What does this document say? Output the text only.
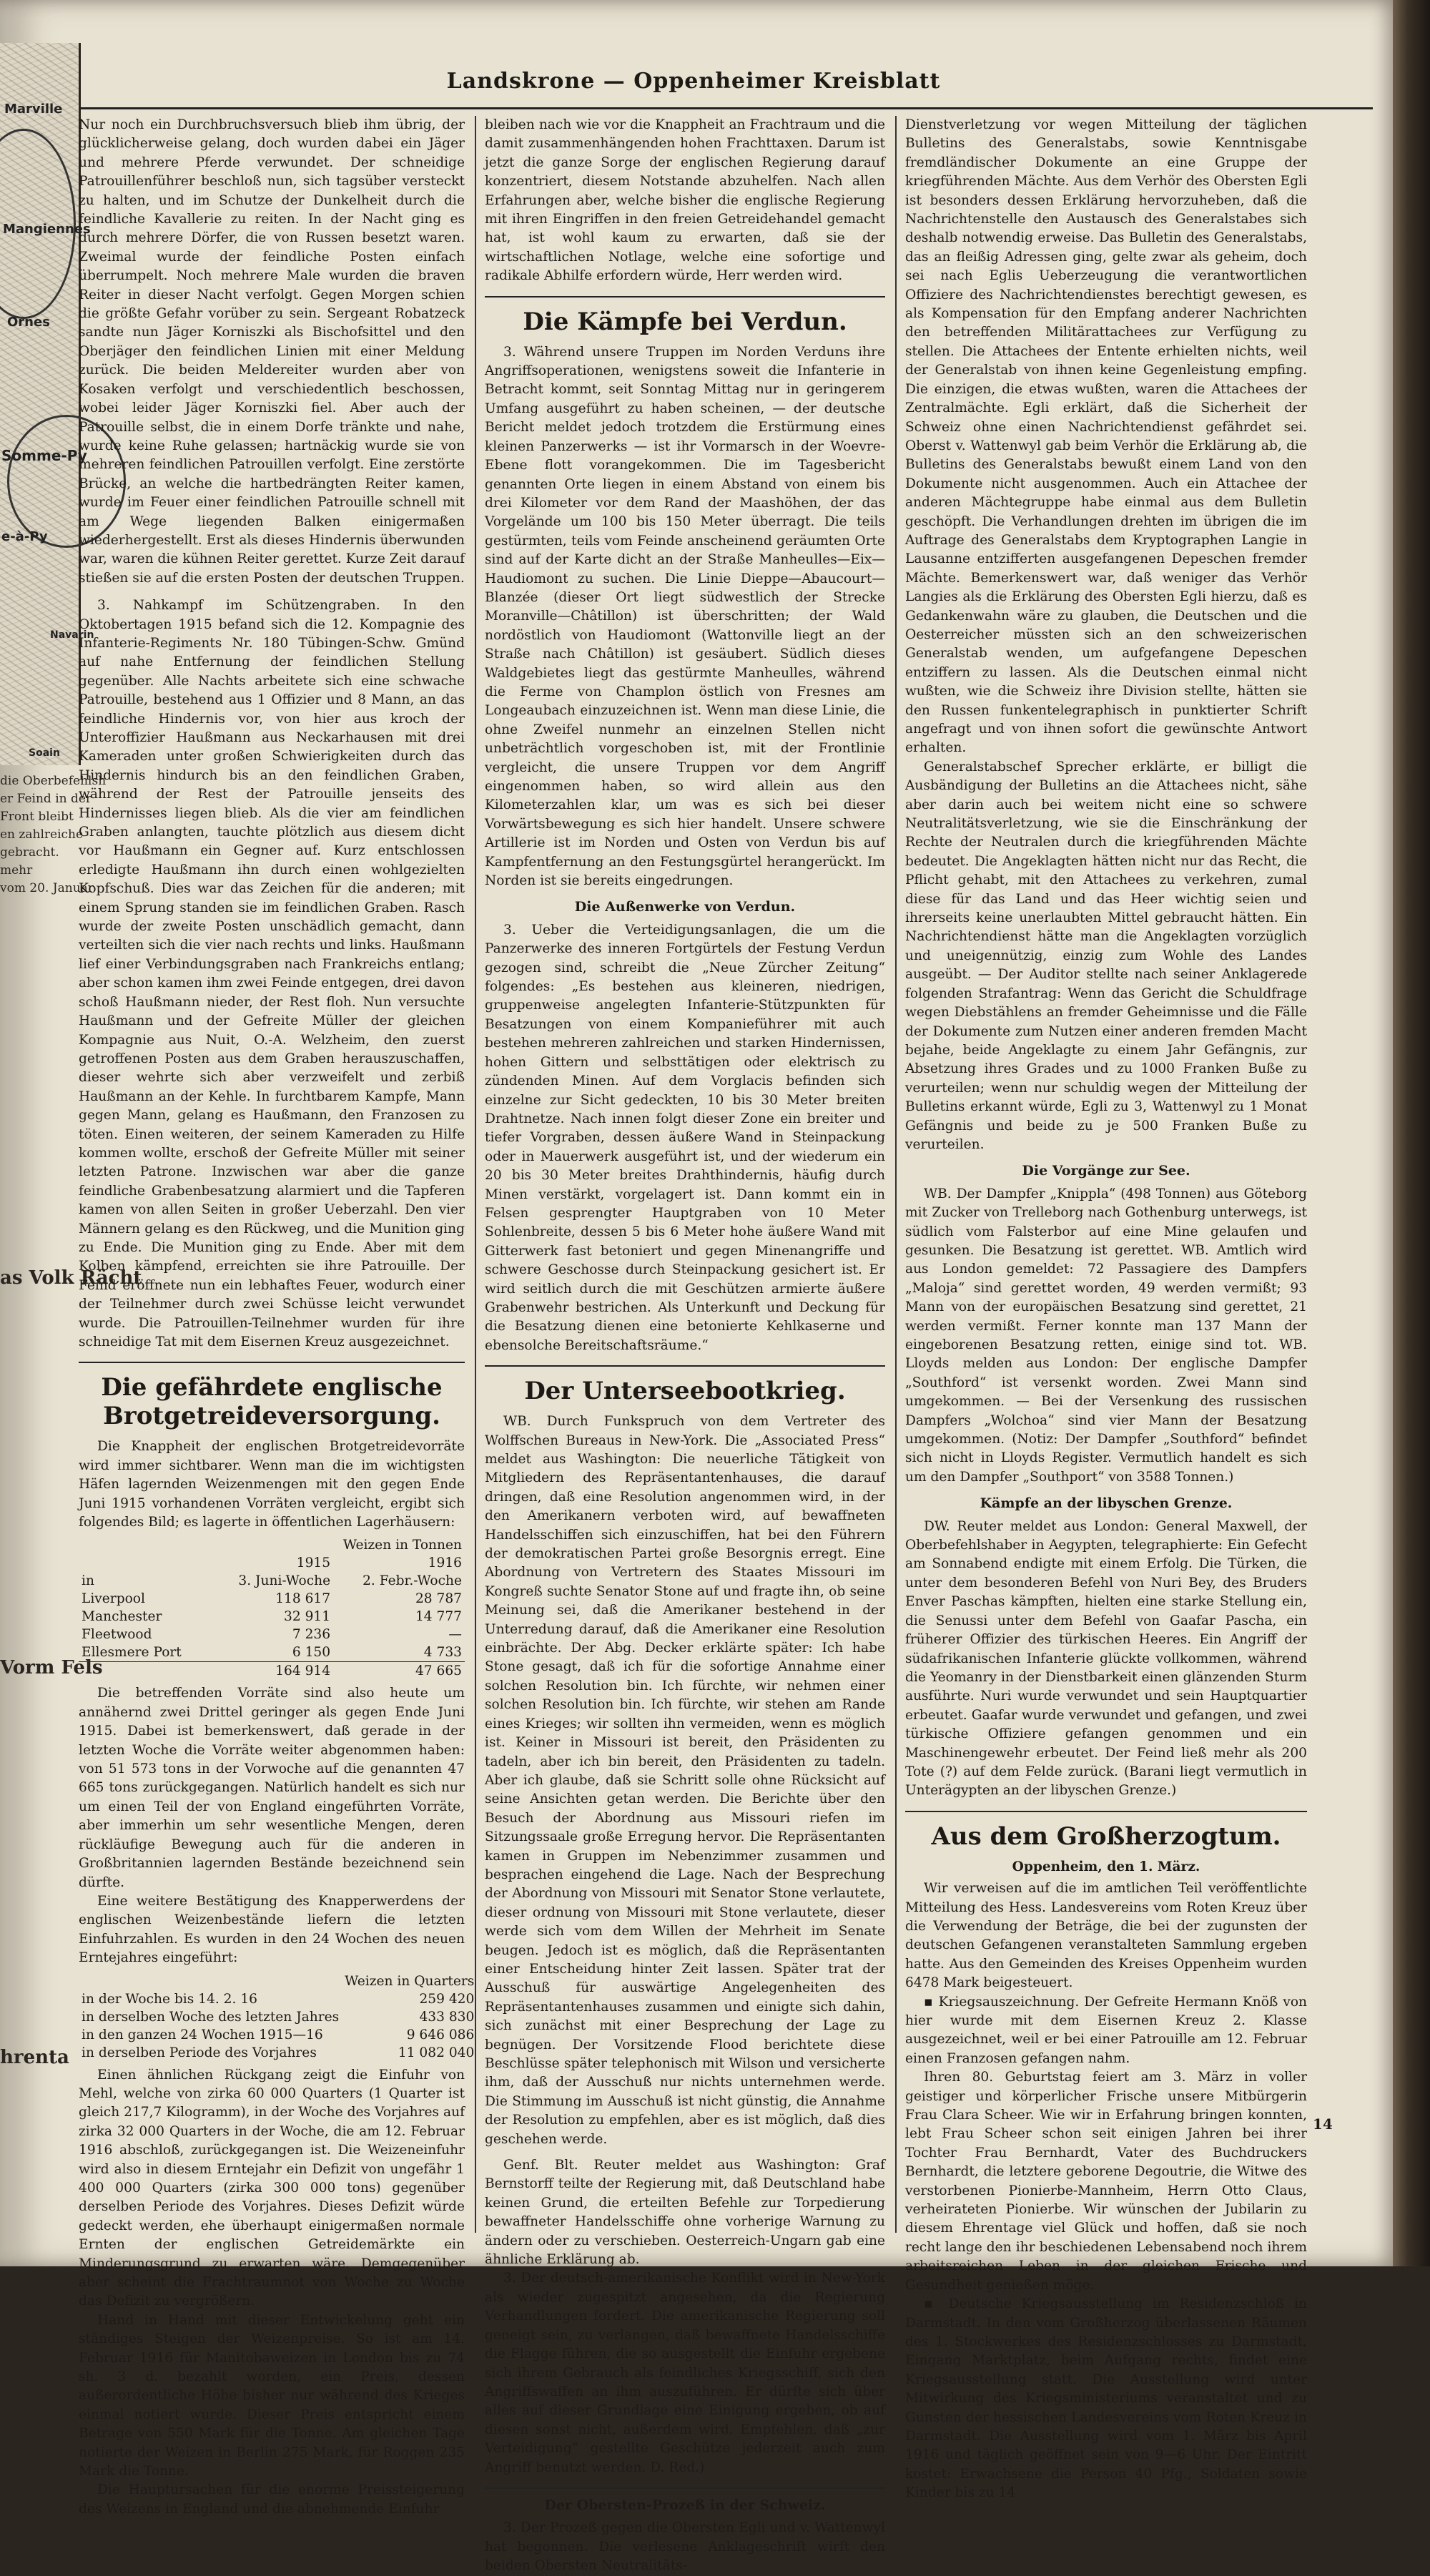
Marville
Mangiennes
Ornes
Somme-Py
e-à-Py
Soain
Navarin

die Oberbefehlsh

er Feind in der

Front bleibt

en zahlreiche

gebracht.

mehr

vom 20. Januar

as Volk Rächt
Vorm Fels
hrenta
Landskrone — Oppenheimer Kreisblatt

Nur noch ein Durchbruchsversuch blieb ihm übrig, der glücklicherweise gelang, doch wurden dabei ein Jäger und mehrere Pferde verwundet. Der schneidige Patrouillenführer beschloß nun, sich tagsüber versteckt zu halten, und im Schutze der Dunkelheit durch die feindliche Kavallerie zu reiten. In der Nacht ging es durch mehrere Dörfer, die von Russen besetzt waren. Zweimal wurde der feindliche Posten einfach überrumpelt. Noch mehrere Male wurden die braven Reiter in dieser Nacht verfolgt. Gegen Morgen schien die größte Gefahr vorüber zu sein. Sergeant Robatzeck sandte nun Jäger Korniszki als Bischofsittel und den Oberjäger den feindlichen Linien mit einer Meldung zurück. Die beiden Meldereiter wurden aber von Kosaken verfolgt und verschiedentlich beschossen, wobei leider Jäger Korniszki fiel. Aber auch der Patrouille selbst, die in einem Dorfe tränkte und nahe, wurde keine Ruhe gelassen; hartnäckig wurde sie von mehreren feindlichen Patrouillen verfolgt. Eine zerstörte Brücke, an welche die hartbedrängten Reiter kamen, wurde im Feuer einer feindlichen Patrouille schnell mit am Wege liegenden Balken einigermaßen wiederhergestellt. Erst als dieses Hindernis überwunden war, waren die kühnen Reiter gerettet. Kurze Zeit darauf stießen sie auf die ersten Posten der deutschen Truppen.

3. Nahkampf im Schützengraben. In den Oktobertagen 1915 befand sich die 12. Kompagnie des Infanterie-Regiments Nr. 180 Tübingen-Schw. Gmünd auf nahe Entfernung der feindlichen Stellung gegenüber. Alle Nachts arbeitete sich eine schwache Patrouille, bestehend aus 1 Offizier und 8 Mann, an das feindliche Hindernis vor, von hier aus kroch der Unteroffizier Haußmann aus Neckarhausen mit drei Kameraden unter großen Schwierigkeiten durch das Hindernis hindurch bis an den feindlichen Graben, während der Rest der Patrouille jenseits des Hindernisses liegen blieb. Als die vier am feindlichen Graben anlangten, tauchte plötzlich aus diesem dicht vor Haußmann ein Gegner auf. Kurz entschlossen erledigte Haußmann ihn durch einen wohlgezielten Kopfschuß. Dies war das Zeichen für die anderen; mit einem Sprung standen sie im feindlichen Graben. Rasch wurde der zweite Posten unschädlich gemacht, dann verteilten sich die vier nach rechts und links. Haußmann lief einer Verbindungsgraben nach Frankreichs entlang; aber schon kamen ihm zwei Feinde entgegen, drei davon schoß Haußmann nieder, der Rest floh. Nun versuchte Haußmann und der Gefreite Müller der gleichen Kompagnie aus Nuit, O.-A. Welzheim, den zuerst getroffenen Posten aus dem Graben herauszuschaffen, dieser wehrte sich aber verzweifelt und zerbiß Haußmann an der Kehle. In furchtbarem Kampfe, Mann gegen Mann, gelang es Haußmann, den Franzosen zu töten. Einen weiteren, der seinem Kameraden zu Hilfe kommen wollte, erschoß der Gefreite Müller mit seiner letzten Patrone. Inzwischen war aber die ganze feindliche Grabenbesatzung alarmiert und die Tapferen kamen von allen Seiten in großer Ueberzahl. Den vier Männern gelang es den Rückweg, und die Munition ging zu Ende. Die Munition ging zu Ende. Aber mit dem Kolben kämpfend, erreichten sie ihre Patrouille. Der Feind eröffnete nun ein lebhaftes Feuer, wodurch einer der Teilnehmer durch zwei Schüsse leicht verwundet wurde. Die Patrouillen-Teilnehmer wurden für ihre schneidige Tat mit dem Eisernen Kreuz ausgezeichnet.

Die gefährdete englische Brotgetreideversorgung.

Die Knappheit der englischen Brotgetreidevorräte wird immer sichtbarer. Wenn man die im wichtigsten Häfen lagernden Weizenmengen mit den gegen Ende Juni 1915 vorhandenen Vorräten vergleicht, ergibt sich folgendes Bild; es lagerte in öffentlichen Lagerhäusern:

		Weizen in Tonnen	
		1915	1916
in		3. Juni-Woche	2. Febr.-Woche
Liverpool		118 617	28 787
Manchester		32 911	14 777
Fleetwood		7 236	—
Ellesmere Port		6 150	4 733
		164 914	47 665

Die betreffenden Vorräte sind also heute um annähernd zwei Drittel geringer als gegen Ende Juni 1915. Dabei ist bemerkenswert, daß gerade in der letzten Woche die Vorräte weiter abgenommen haben: von 51 573 tons in der Vorwoche auf die genannten 47 665 tons zurückgegangen. Natürlich handelt es sich nur um einen Teil der von England eingeführten Vorräte, aber immerhin um sehr wesentliche Mengen, deren rückläufige Bewegung auch für die anderen in Großbritannien lagernden Bestände bezeichnend sein dürfte.

Eine weitere Bestätigung des Knapperwerdens der englischen Weizenbestände liefern die letzten Einfuhrzahlen. Es wurden in den 24 Wochen des neuen Erntejahres eingeführt:

	Weizen in Quarters
in der Woche bis 14. 2. 16	259 420
in derselben Woche des letzten Jahres	433 830
in den ganzen 24 Wochen 1915—16	9 646 086
in derselben Periode des Vorjahres	11 082 040

Einen ähnlichen Rückgang zeigt die Einfuhr von Mehl, welche von zirka 60 000 Quarters (1 Quarter ist gleich 217,7 Kilogramm), in der Woche des Vorjahres auf zirka 32 000 Quarters in der Woche, die am 12. Februar 1916 abschloß, zurückgegangen ist. Die Weizeneinfuhr wird also in diesem Erntejahr ein Defizit von ungefähr 1 400 000 Quarters (zirka 300 000 tons) gegenüber derselben Periode des Vorjahres. Dieses Defizit würde gedeckt werden, ehe überhaupt einigermaßen normale Ernten der englischen Getreidemärkte ein Minderungsgrund zu erwarten wäre. Demgegenüber aber scheint die Frachtraumnot von Woche zu Woche das Defizit zu vergrößern.

Hand in Hand mit dieser Entwickelung geht ein ständiges Steigen der Weizenpreise. So ist am 14. Februar 1916 für Manitobaweizen in London bis zu 74 sh. 3 d. bezahlt worden, ein Preis, dessen außerordentliche Höhe bisher nur während des Krieges einmal notiert wurde. Dieser Preis entspricht einem Betrage von 550 Mark für die Tonne. Am gleichen Tage notierte der Weizen in Berlin 275 Mark, für Roggen 235 Mark die Tonne.

Die Hauptursachen für die enorme Preissteigerung des Weizens in England und die abnehmende Einfuhr

bleiben nach wie vor die Knappheit an Frachtraum und die damit zusammenhängenden hohen Frachttaxen. Darum ist jetzt die ganze Sorge der englischen Regierung darauf konzentriert, diesem Notstande abzuhelfen. Nach allen Erfahrungen aber, welche bisher die englische Regierung mit ihren Eingriffen in den freien Getreidehandel gemacht hat, ist wohl kaum zu erwarten, daß sie der wirtschaftlichen Notlage, welche eine sofortige und radikale Abhilfe erfordern würde, Herr werden wird.

Die Kämpfe bei Verdun.

3. Während unsere Truppen im Norden Verduns ihre Angriffsoperationen, wenigstens soweit die Infanterie in Betracht kommt, seit Sonntag Mittag nur in geringerem Umfang ausgeführt zu haben scheinen, — der deutsche Bericht meldet jedoch trotzdem die Erstürmung eines kleinen Panzerwerks — ist ihr Vormarsch in der Woevre-Ebene flott vorangekommen. Die im Tagesbericht genannten Orte liegen in einem Abstand von einem bis drei Kilometer vor dem Rand der Maashöhen, der das Vorgelände um 100 bis 150 Meter überragt. Die teils gestürmten, teils vom Feinde anscheinend geräumten Orte sind auf der Karte dicht an der Straße Manheulles—Eix—Haudiomont zu suchen. Die Linie Dieppe—Abaucourt—Blanzée (dieser Ort liegt südwestlich der Strecke Moranville—Châtillon) ist überschritten; der Wald nordöstlich von Haudiomont (Wattonville liegt an der Straße nach Châtillon) ist gesäubert. Südlich dieses Waldgebietes liegt das gestürmte Manheulles, während die Ferme von Champlon östlich von Fresnes am Longeaubach einzuzeichnen ist. Wenn man diese Linie, die ohne Zweifel nunmehr an einzelnen Stellen nicht unbeträchtlich vorgeschoben ist, mit der Frontlinie vergleicht, die unsere Truppen vor dem Angriff eingenommen haben, so wird allein aus den Kilometerzahlen klar, um was es sich bei dieser Vorwärtsbewegung es sich hier handelt. Unsere schwere Artillerie ist im Norden und Osten von Verdun bis auf Kampfentfernung an den Festungsgürtel herangerückt. Im Norden ist sie bereits eingedrungen.

Die Außenwerke von Verdun.

3. Ueber die Verteidigungsanlagen, die um die Panzerwerke des inneren Fortgürtels der Festung Verdun gezogen sind, schreibt die „Neue Zürcher Zeitung“ folgendes: „Es bestehen aus kleineren, niedrigen, gruppenweise angelegten Infanterie-Stützpunkten für Besatzungen von einem Kompanieführer mit auch bestehen mehreren zahlreichen und starken Hindernissen, hohen Gittern und selbsttätigen oder elektrisch zu zündenden Minen. Auf dem Vorglacis befinden sich einzelne zur Sicht gedeckten, 10 bis 30 Meter breiten Drahtnetze. Nach innen folgt dieser Zone ein breiter und tiefer Vorgraben, dessen äußere Wand in Steinpackung oder in Mauerwerk ausgeführt ist, und der wiederum ein 20 bis 30 Meter breites Drahthindernis, häufig durch Minen verstärkt, vorgelagert ist. Dann kommt ein in Felsen gesprengter Hauptgraben von 10 Meter Sohlenbreite, dessen 5 bis 6 Meter hohe äußere Wand mit Gitterwerk fast betoniert und gegen Minenangriffe und schwere Geschosse durch Steinpackung gesichert ist. Er wird seitlich durch die mit Geschützen armierte äußere Grabenwehr bestrichen. Als Unterkunft und Deckung für die Besatzung dienen eine betonierte Kehlkaserne und ebensolche Bereitschaftsräume.“

Der Unterseebootkrieg.

WB. Durch Funkspruch von dem Vertreter des Wolffschen Bureaus in New-York. Die „Associated Press“ meldet aus Washington: Die neuerliche Tätigkeit von Mitgliedern des Repräsentantenhauses, die darauf dringen, daß eine Resolution angenommen wird, in der den Amerikanern verboten wird, auf bewaffneten Handelsschiffen sich einzuschiffen, hat bei den Führern der demokratischen Partei große Besorgnis erregt. Eine Abordnung von Vertretern des Staates Missouri im Kongreß suchte Senator Stone auf und fragte ihn, ob seine Meinung sei, daß die Amerikaner bestehend in der Unterredung darauf, daß die Amerikaner eine Resolution einbrächte. Der Abg. Decker erklärte später: Ich habe Stone gesagt, daß ich für die sofortige Annahme einer solchen Resolution bin. Ich fürchte, wir nehmen einer solchen Resolution bin. Ich fürchte, wir stehen am Rande eines Krieges; wir sollten ihn vermeiden, wenn es möglich ist. Keiner in Missouri ist bereit, den Präsidenten zu tadeln, aber ich bin bereit, den Präsidenten zu tadeln. Aber ich glaube, daß sie Schritt solle ohne Rücksicht auf seine Ansichten getan werden. Die Berichte über den Besuch der Abordnung aus Missouri riefen im Sitzungssaale große Erregung hervor. Die Repräsentanten kamen in Gruppen im Nebenzimmer zusammen und besprachen eingehend die Lage. Nach der Besprechung der Abordnung von Missouri mit Senator Stone verlautete, dieser ordnung von Missouri mit Stone verlautete, dieser werde sich vom dem Willen der Mehrheit im Senate beugen. Jedoch ist es möglich, daß die Repräsentanten einer Entscheidung hinter Zeit lassen. Später trat der Ausschuß für auswärtige Angelegenheiten des Repräsentantenhauses zusammen und einigte sich dahin, sich zunächst mit einer Besprechung der Lage zu begnügen. Der Vorsitzende Flood berichtete diese Beschlüsse später telephonisch mit Wilson und versicherte ihm, daß der Ausschuß nur nichts unternehmen werde. Die Stimmung im Ausschuß ist nicht günstig, die Annahme der Resolution zu empfehlen, aber es ist möglich, daß dies geschehen werde.

Genf. Blt. Reuter meldet aus Washington: Graf Bernstorff teilte der Regierung mit, daß Deutschland habe keinen Grund, die erteilten Befehle zur Torpedierung bewaffneter Handelsschiffe ohne vorherige Warnung zu ändern oder zu verschieben. Oesterreich-Ungarn gab eine ähnliche Erklärung ab.

3. Der deutsch-amerikanische Konflikt wird in New-York als wieder zugespitzt angesehen, da die Regierung Verhandlungen fordert. Die amerikanische Regierung soll geneigt sein, zu verlangen, daß bewaffnete Handelsschiffe die Flagge führen, die so ausgestellt die Einfuhr ergebene sich ihrem Gebrauch als feindliches Kriegsschiff, sich den Angriffswaffen an ihm auszuführen. Er dürfte sich über alles auf dieser Grundlage eine Einigung ergeben, ob auf diesen sonst nicht, außerdem wird. Empfehlen, daß „zur Verteidigung“ gestellte Geschütze jederzeit auch zum Angriff benutzt werden. D. Red.)

Der Obersten-Prozeß in der Schweiz.

3. Der Prozeß gegen die Obersten Egli und v. Wattenwyl hat begonnen. Die verlesene Anklageschrift wirft den beiden Obersten Neutralitäts-

Dienstverletzung vor wegen Mitteilung der täglichen Bulletins des Generalstabs, sowie Kenntnisgabe fremdländischer Dokumente an eine Gruppe der kriegführenden Mächte. Aus dem Verhör des Obersten Egli ist besonders dessen Erklärung hervorzuheben, daß die Nachrichtenstelle den Austausch des Generalstabes sich deshalb notwendig erweise. Das Bulletin des Generalstabs, das an fleißig Adressen ging, gelte zwar als geheim, doch sei nach Eglis Ueberzeugung die verantwortlichen Offiziere des Nachrichtendienstes berechtigt gewesen, es als Kompensation für den Empfang anderer Nachrichten den betreffenden Militärattachees zur Verfügung zu stellen. Die Attachees der Entente erhielten nichts, weil der Generalstab von ihnen keine Gegenleistung empfing. Die einzigen, die etwas wußten, waren die Attachees der Zentralmächte. Egli erklärt, daß die Sicherheit der Schweiz ohne einen Nachrichtendienst gefährdet sei. Oberst v. Wattenwyl gab beim Verhör die Erklärung ab, die Bulletins des Generalstabs bewußt einem Land von den Dokumente nicht ausgenommen. Auch ein Attachee der anderen Mächtegruppe habe einmal aus dem Bulletin geschöpft. Die Verhandlungen drehten im übrigen die im Auftrage des Generalstabs dem Kryptographen Langie in Lausanne entzifferten ausgefangenen Depeschen fremder Mächte. Bemerkenswert war, daß weniger das Verhör Langies als die Erklärung des Obersten Egli hierzu, daß es Gedankenwahn wäre zu glauben, die Deutschen und die Oesterreicher müssten sich an den schweizerischen Generalstab wenden, um aufgefangene Depeschen entziffern zu lassen. Als die Deutschen einmal nicht wußten, wie die Schweiz ihre Division stellte, hätten sie den Russen funkentelegraphisch in punktierter Schrift angefragt und von ihnen sofort die gewünschte Antwort erhalten.

Generalstabschef Sprecher erklärte, er billigt die Ausbändigung der Bulletins an die Attachees nicht, sähe aber darin auch bei weitem nicht eine so schwere Neutralitätsverletzung, wie sie die Einschränkung der Rechte der Neutralen durch die kriegführenden Mächte bedeutet. Die Angeklagten hätten nicht nur das Recht, die Pflicht gehabt, mit den Attachees zu verkehren, zumal diese für das Land und das Heer wichtig seien und ihrerseits keine unerlaubten Mittel gebraucht hätten. Ein Nachrichtendienst hätte man die Angeklagten vorzüglich und uneigennützig, einzig zum Wohle des Landes ausgeübt. — Der Auditor stellte nach seiner Anklagerede folgenden Strafantrag: Wenn das Gericht die Schuldfrage wegen Diebstählens an fremder Geheimnisse und die Fälle der Dokumente zum Nutzen einer anderen fremden Macht bejahe, beide Angeklagte zu einem Jahr Gefängnis, zur Absetzung ihres Grades und zu 1000 Franken Buße zu verurteilen; wenn nur schuldig wegen der Mitteilung der Bulletins erkannt würde, Egli zu 3, Wattenwyl zu 1 Monat Gefängnis und beide zu je 500 Franken Buße zu verurteilen.

Die Vorgänge zur See.

WB. Der Dampfer „Knippla“ (498 Tonnen) aus Göteborg mit Zucker von Trelleborg nach Gothenburg unterwegs, ist südlich vom Falsterbor auf eine Mine gelaufen und gesunken. Die Besatzung ist gerettet. WB. Amtlich wird aus London gemeldet: 72 Passagiere des Dampfers „Maloja“ sind gerettet worden, 49 werden vermißt; 93 Mann von der europäischen Besatzung sind gerettet, 21 werden vermißt. Ferner konnte man 137 Mann der eingeborenen Besatzung retten, einige sind tot. WB. Lloyds melden aus London: Der englische Dampfer „Southford“ ist versenkt worden. Zwei Mann sind umgekommen. — Bei der Versenkung des russischen Dampfers „Wolchoa“ sind vier Mann der Besatzung umgekommen. (Notiz: Der Dampfer „Southford“ befindet sich nicht in Lloyds Register. Vermutlich handelt es sich um den Dampfer „Southport“ von 3588 Tonnen.)

Kämpfe an der libyschen Grenze.

DW. Reuter meldet aus London: General Maxwell, der Oberbefehlshaber in Aegypten, telegraphierte: Ein Gefecht am Sonnabend endigte mit einem Erfolg. Die Türken, die unter dem besonderen Befehl von Nuri Bey, des Bruders Enver Paschas kämpften, hielten eine starke Stellung ein, die Senussi unter dem Befehl von Gaafar Pascha, ein früherer Offizier des türkischen Heeres. Ein Angriff der südafrikanischen Infanterie glückte vollkommen, während die Yeomanry in der Dienstbarkeit einen glänzenden Sturm ausführte. Nuri wurde verwundet und sein Hauptquartier erbeutet. Gaafar wurde verwundet und gefangen, und zwei türkische Offiziere gefangen genommen und ein Maschinengewehr erbeutet. Der Feind ließ mehr als 200 Tote (?) auf dem Felde zurück. (Barani liegt vermutlich in Unterägypten an der libyschen Grenze.)

Aus dem Großherzogtum.
Oppenheim, den 1. März.

Wir verweisen auf die im amtlichen Teil veröffentlichte Mitteilung des Hess. Landesvereins vom Roten Kreuz über die Verwendung der Beträge, die bei der zugunsten der deutschen Gefangenen veranstalteten Sammlung ergeben hatte. Aus den Gemeinden des Kreises Oppenheim wurden 6478 Mark beigesteuert.

▪ Kriegsauszeichnung. Der Gefreite Hermann Knöß von hier wurde mit dem Eisernen Kreuz 2. Klasse ausgezeichnet, weil er bei einer Patrouille am 12. Februar einen Franzosen gefangen nahm.

Ihren 80. Geburtstag feiert am 3. März in voller geistiger und körperlicher Frische unsere Mitbürgerin Frau Clara Scheer. Wie wir in Erfahrung bringen konnten, lebt Frau Scheer schon seit einigen Jahren bei ihrer Tochter Frau Bernhardt, Vater des Buchdruckers Bernhardt, die letztere geborene Degoutrie, die Witwe des verstorbenen Pionierbe-Mannheim, Herrn Otto Claus, verheirateten Pionierbe. Wir wünschen der Jubilarin zu diesem Ehrentage viel Glück und hoffen, daß sie noch recht lange den ihr beschiedenen Lebensabend noch ihrem arbeitsreichen Leben in der gleichen Frische und Gesundheit genießen möge.

▪ Deutsche Kriegsausstellung im Residenzschloß in Darmstadt. In den vom Großherzog überlassenen Räumen des 1. Stockwerkes des Residenzschlosses zu Darmstadt, Eingang Marktplatz, beim Aufgang rechts, findet eine Kriegsausstellung statt. Die Ausstellung wird unter Mitwirkung des Kriegsministeriums veranstaltet und zu Gunsten der hessischen Landesvereins vom Roten Kreuz in Darmstadt. Die Ausstellung wird vom 1. März bis April 1916 und täglich geöffnet sein von 9—6 Uhr. Der Eintritt kostet: Erwachsene die Person 40 Pfg., Soldaten sowie Kinder bis zu 14

14
